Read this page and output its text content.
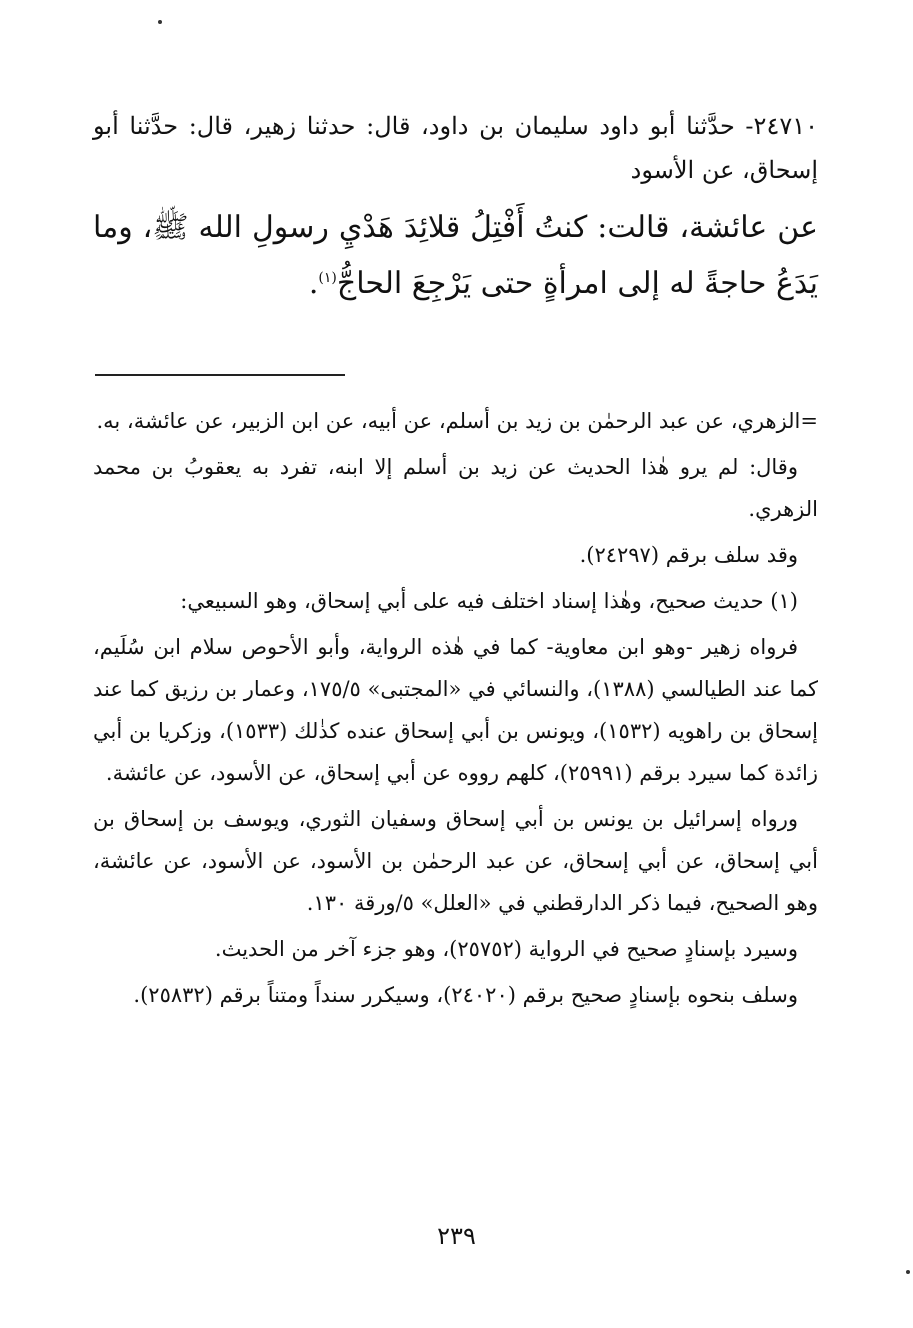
٢٤٧١٠- حدَّثنا أبو داود سليمان بن داود، قال: حدثنا زهير، قال: حدَّثنا أبو إسحاق، عن الأسود

عن عائشة، قالت: كنتُ أَفْتِلُ قلائِدَ هَدْيِ رسولِ الله ﷺ، وما يَدَعُ حاجةً له إلى امرأةٍ حتى يَرْجِعَ الحاجُّ$^{(١)}$.

=الزهري، عن عبد الرحمٰن بن زيد بن أسلم، عن أبيه، عن ابن الزبير، عن عائشة، به.

وقال: لم يرو هٰذا الحديث عن زيد بن أسلم إلا ابنه، تفرد به يعقوبُ بن محمد الزهري.

وقد سلف برقم (٢٤٢٩٧).

(١) حديث صحيح، وهٰذا إسناد اختلف فيه على أبي إسحاق، وهو السبيعي:

فرواه زهير -وهو ابن معاوية- كما في هٰذه الرواية، وأبو الأحوص سلام ابن سُلَيم، كما عند الطيالسي (١٣٨٨)، والنسائي في «المجتبى» ١٧٥/٥، وعمار بن رزيق كما عند إسحاق بن راهويه (١٥٣٢)، ويونس بن أبي إسحاق عنده كذٰلك (١٥٣٣)، وزكريا بن أبي زائدة كما سيرد برقم (٢٥٩٩١)، كلهم رووه عن أبي إسحاق، عن الأسود، عن عائشة.

ورواه إسرائيل بن يونس بن أبي إسحاق وسفيان الثوري، ويوسف بن إسحاق بن أبي إسحاق، عن أبي إسحاق، عن عبد الرحمٰن بن الأسود، عن الأسود، عن عائشة، وهو الصحيح، فيما ذكر الدارقطني في «العلل» ٥/ورقة ١٣٠.

وسيرد بإسنادٍ صحيح في الرواية (٢٥٧٥٢)، وهو جزء آخر من الحديث.

وسلف بنحوه بإسنادٍ صحيح برقم (٢٤٠٢٠)، وسيكرر سنداً ومتناً برقم (٢٥٨٣٢).

٢٣٩
